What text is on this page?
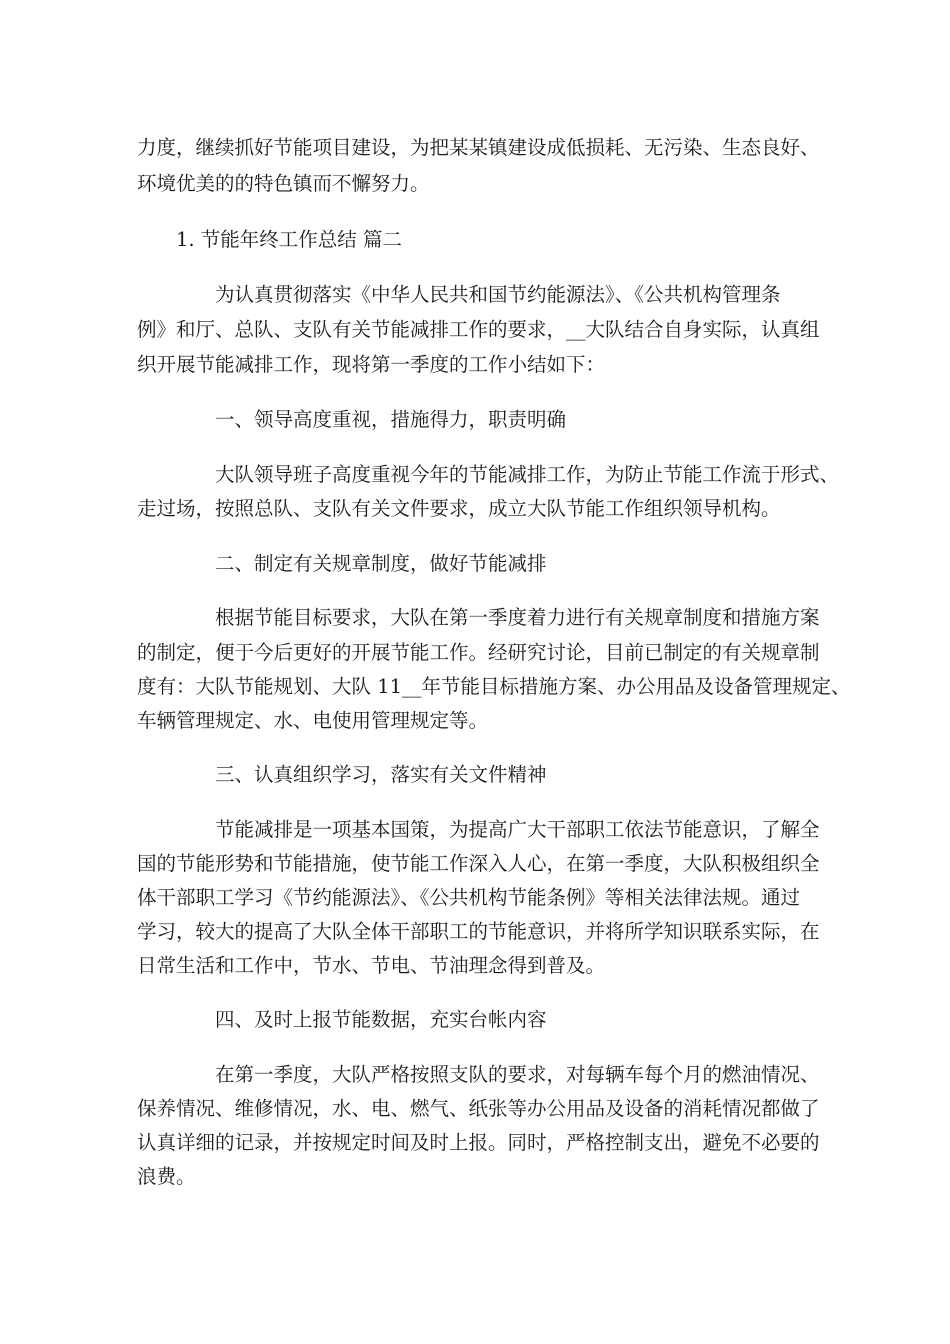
力度，继续抓好节能项目建设，为把某某镇建设成低损耗、无污染、生态良好、
环境优美的的特色镇而不懈努力。
1. 节能年终工作总结 篇二
为认真贯彻落实《中华人民共和国节约能源法》、《公共机构管理条
例》和厅、总队、支队有关节能减排工作的要求，__大队结合自身实际，认真组
织开展节能减排工作，现将第一季度的工作小结如下：
一、领导高度重视，措施得力，职责明确
大队领导班子高度重视今年的节能减排工作，为防止节能工作流于形式、
走过场，按照总队、支队有关文件要求，成立大队节能工作组织领导机构。
二、制定有关规章制度，做好节能减排
根据节能目标要求，大队在第一季度着力进行有关规章制度和措施方案
的制定，便于今后更好的开展节能工作。经研究讨论，目前已制定的有关规章制
度有：大队节能规划、大队 11__年节能目标措施方案、办公用品及设备管理规定、
车辆管理规定、水、电使用管理规定等。
三、认真组织学习，落实有关文件精神
节能减排是一项基本国策，为提高广大干部职工依法节能意识，了解全
国的节能形势和节能措施，使节能工作深入人心，在第一季度，大队积极组织全
体干部职工学习《节约能源法》、《公共机构节能条例》等相关法律法规。通过
学习，较大的提高了大队全体干部职工的节能意识，并将所学知识联系实际，在
日常生活和工作中，节水、节电、节油理念得到普及。
四、及时上报节能数据，充实台帐内容
在第一季度，大队严格按照支队的要求，对每辆车每个月的燃油情况、
保养情况、维修情况，水、电、燃气、纸张等办公用品及设备的消耗情况都做了
认真详细的记录，并按规定时间及时上报。同时，严格控制支出，避免不必要的
浪费。
